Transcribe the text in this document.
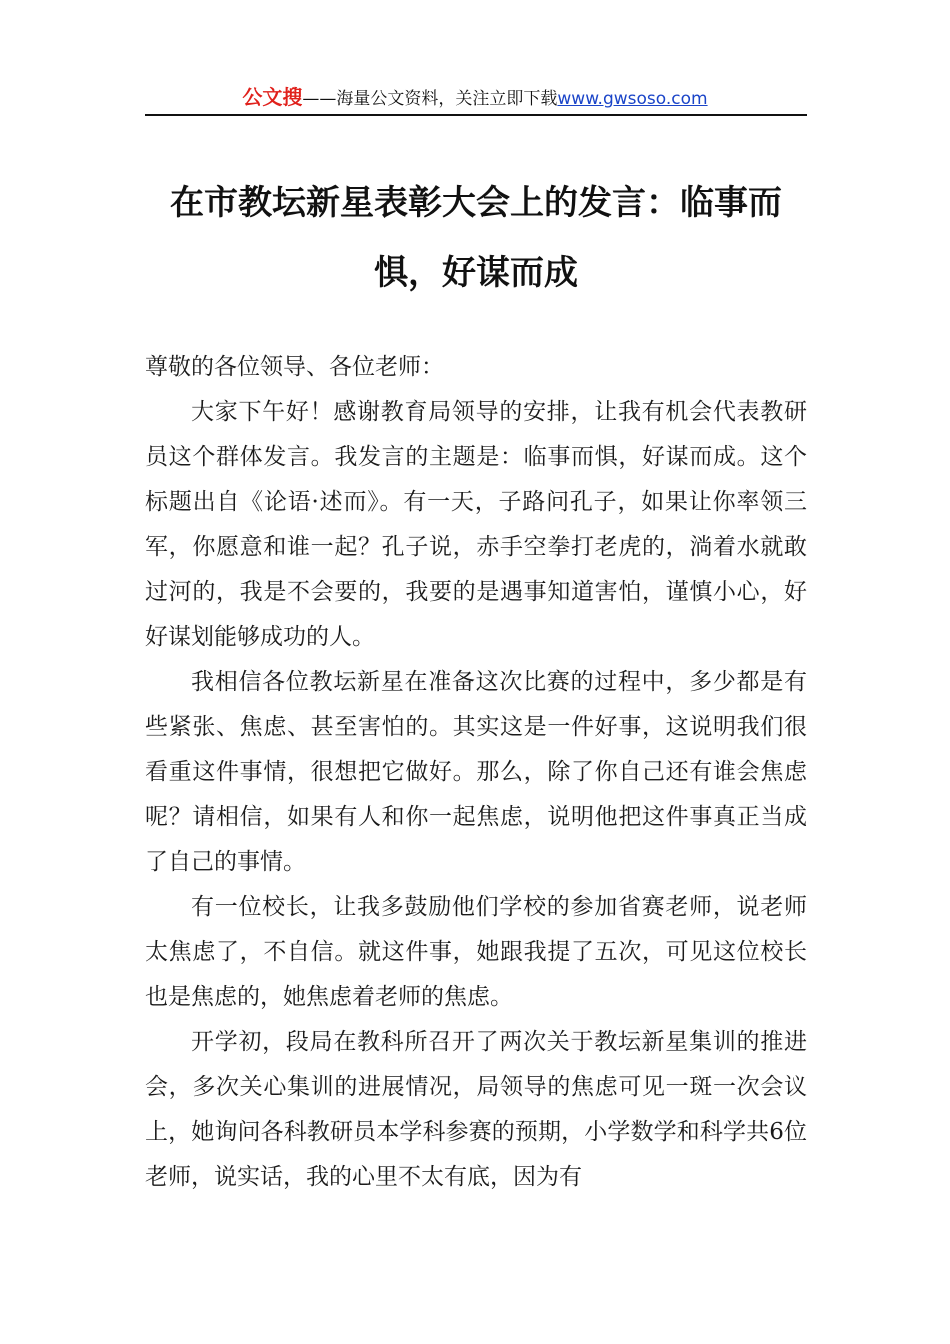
公文搜——海量公文资料，关注立即下载www.gwsoso.com
在市教坛新星表彰大会上的发言：临事而
惧，好谋而成

尊敬的各位领导、各位老师：

大家下午好！感谢教育局领导的安排，让我有机会代表教研员这个群体发言。我发言的主题是：临事而惧，好谋而成。这个标题出自《论语·述而》。有一天，子路问孔子，如果让你率领三军，你愿意和谁一起？孔子说，赤手空拳打老虎的，淌着水就敢过河的，我是不会要的，我要的是遇事知道害怕，谨慎小心，好好谋划能够成功的人。

我相信各位教坛新星在准备这次比赛的过程中，多少都是有些紧张、焦虑、甚至害怕的。其实这是一件好事，这说明我们很看重这件事情，很想把它做好。那么，除了你自己还有谁会焦虑呢？请相信，如果有人和你一起焦虑，说明他把这件事真正当成了自己的事情。

有一位校长，让我多鼓励他们学校的参加省赛老师，说老师太焦虑了，不自信。就这件事，她跟我提了五次，可见这位校长也是焦虑的，她焦虑着老师的焦虑。

开学初，段局在教科所召开了两次关于教坛新星集训的推进会，多次关心集训的进展情况，局领导的焦虑可见一斑一次会议上，她询问各科教研员本学科参赛的预期，小学数学和科学共6位老师，说实话，我的心里不太有底，因为有
